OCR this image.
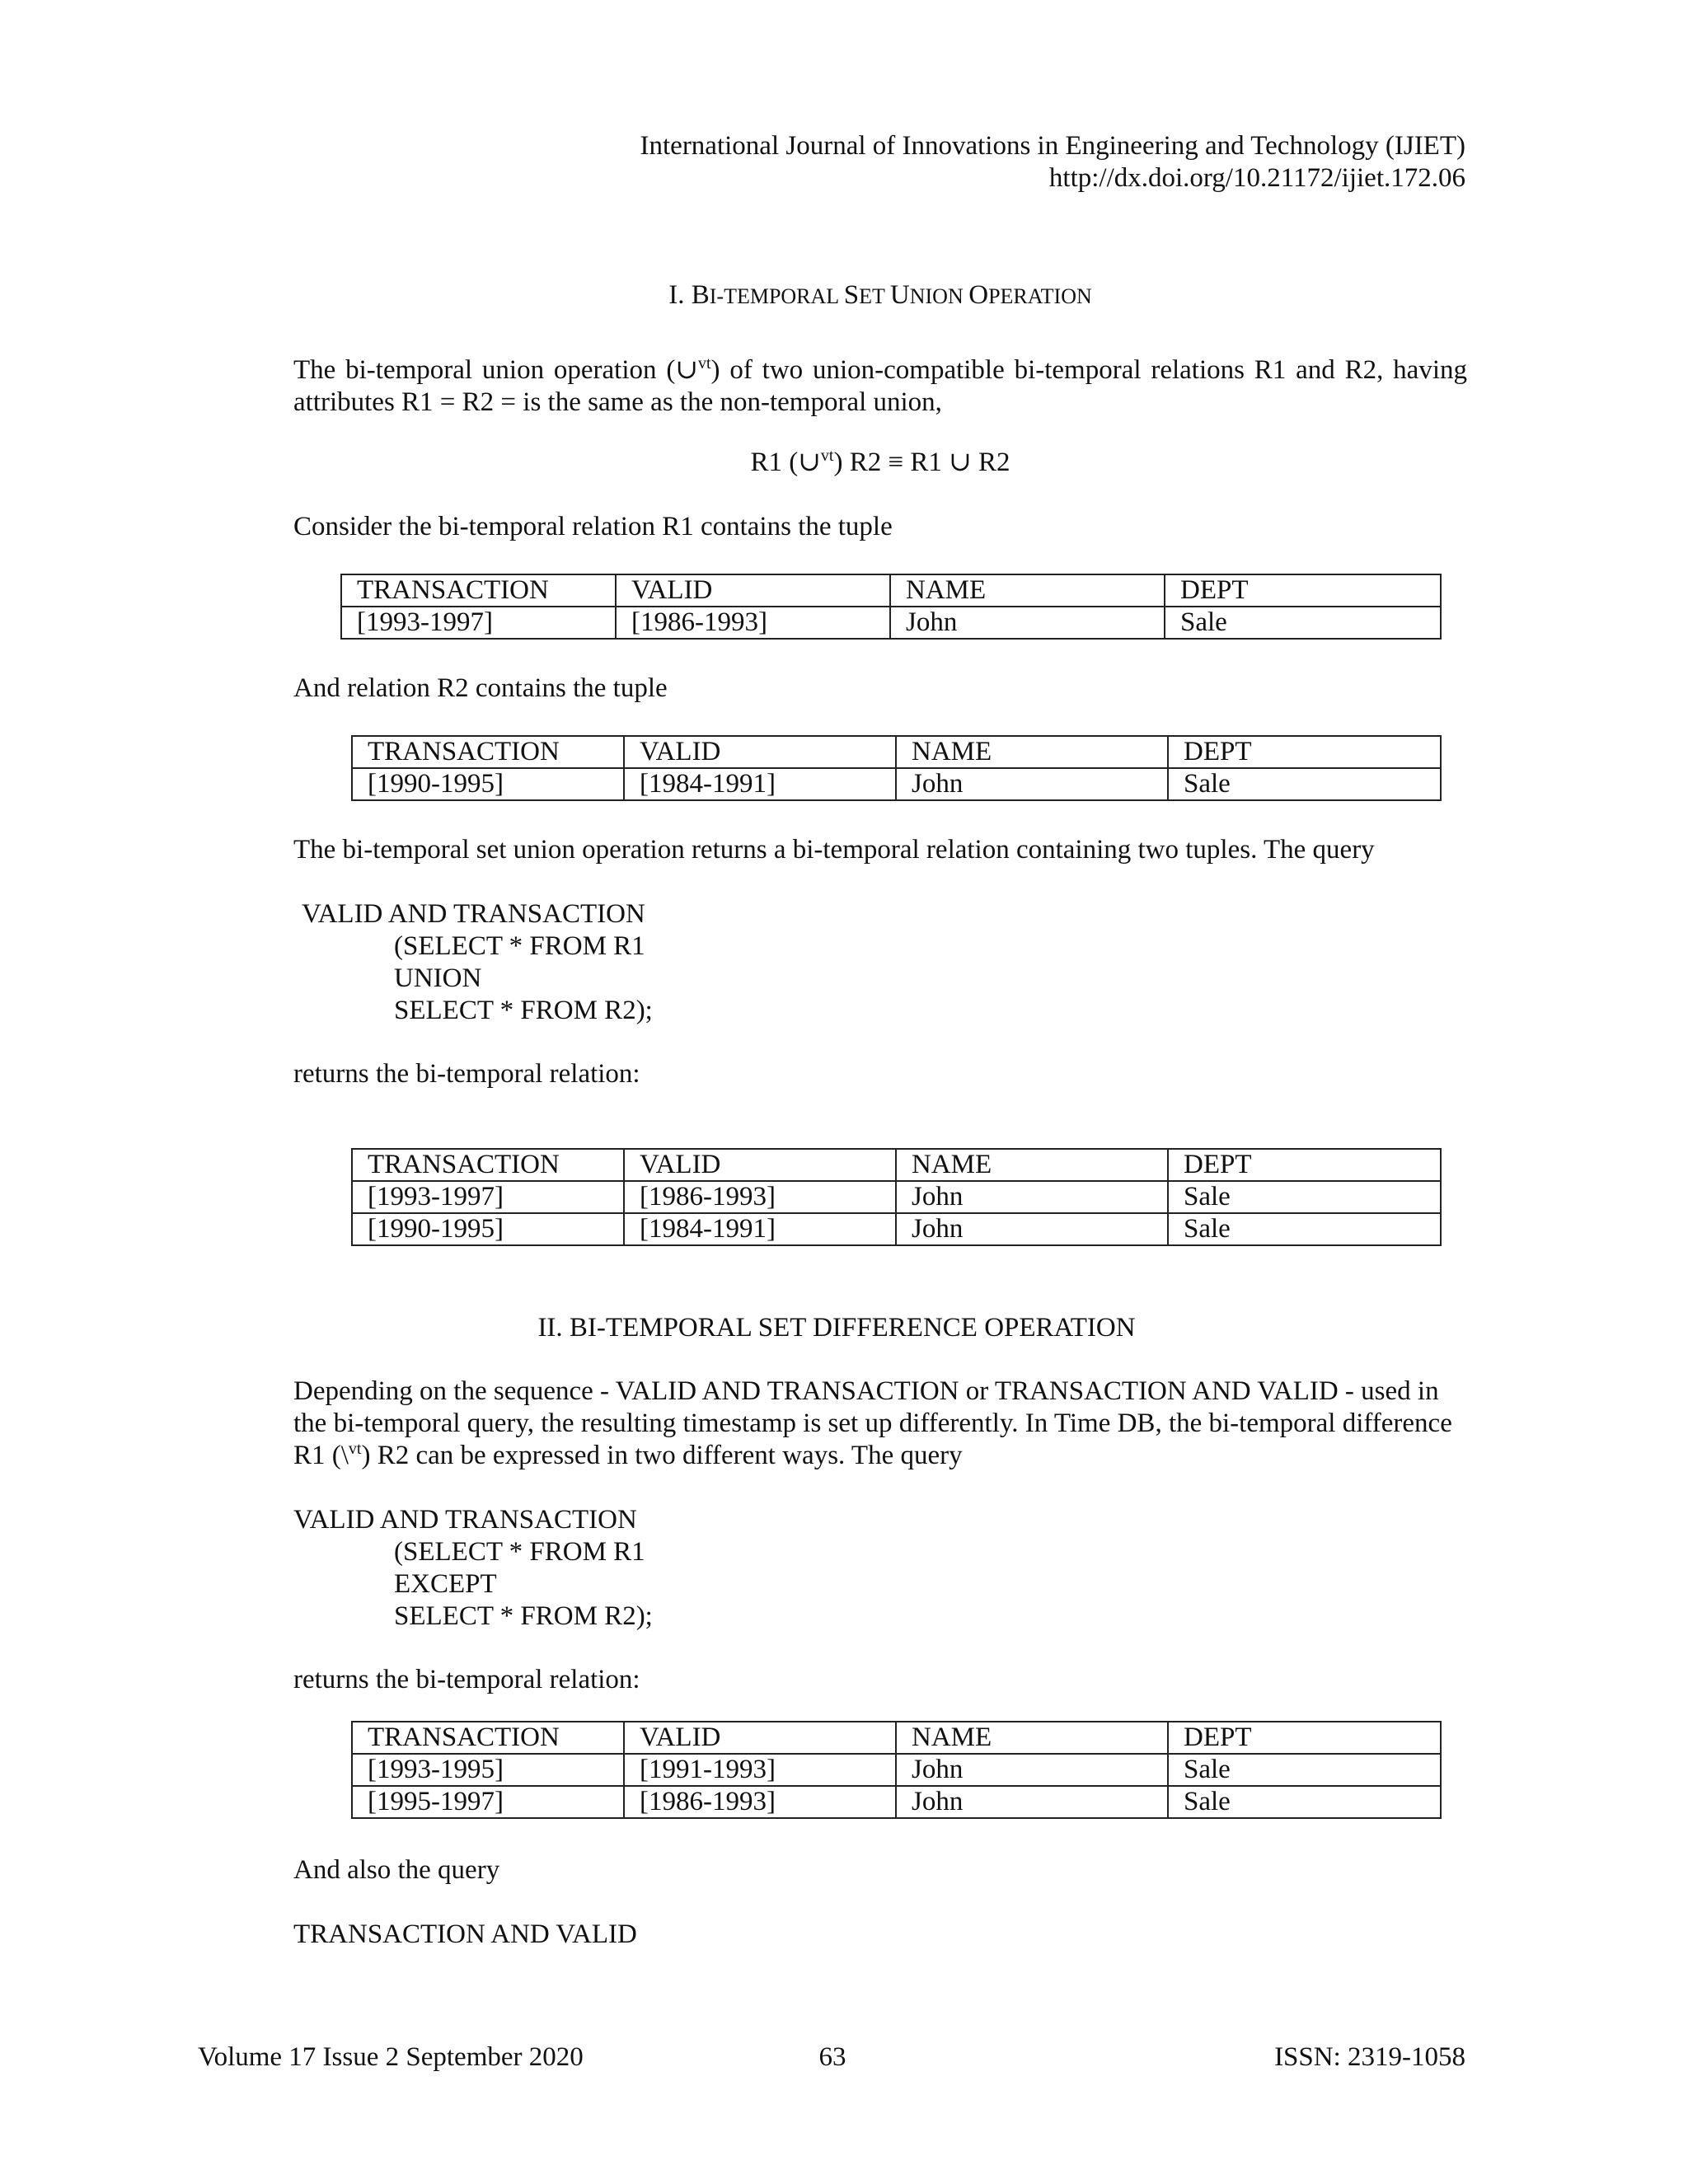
International Journal of Innovations in Engineering and Technology (IJIET)
http://dx.doi.org/10.21172/ijiet.172.06
I. BI-TEMPORAL SET UNION OPERATION
The bi-temporal union operation (∪$^{vt}$) of two union-compatible bi-temporal relations R1 and R2, having attributes R1 = R2 = is the same as the non-temporal union,
R1 (∪$^{vt}$) R2 ≡ R1 ∪ R2
Consider the bi-temporal relation R1 contains the tuple
TRANSACTION	VALID	NAME	DEPT
[1993-1997]	[1986-1993]	John	Sale
And relation R2 contains the tuple
TRANSACTION	VALID	NAME	DEPT
[1990-1995]	[1984-1991]	John	Sale
The bi-temporal set union operation returns a bi-temporal relation containing two tuples. The query
VALID AND TRANSACTION
(SELECT * FROM R1
UNION
SELECT * FROM R2);
returns the bi-temporal relation:
TRANSACTION	VALID	NAME	DEPT
[1993-1997]	[1986-1993]	John	Sale
[1990-1995]	[1984-1991]	John	Sale
II. BI-TEMPORAL SET DIFFERENCE OPERATION
Depending on the sequence - VALID AND TRANSACTION or TRANSACTION AND VALID - used in the bi-temporal query, the resulting timestamp is set up differently. In Time DB, the bi-temporal difference R1 (\$^{vt}$) R2 can be expressed in two different ways. The query
VALID AND TRANSACTION
(SELECT * FROM R1
EXCEPT
SELECT * FROM R2);
returns the bi-temporal relation:
TRANSACTION	VALID	NAME	DEPT
[1993-1995]	[1991-1993]	John	Sale
[1995-1997]	[1986-1993]	John	Sale
And also the query
TRANSACTION AND VALID
Volume 17 Issue 2 September 2020	63	ISSN: 2319-1058
